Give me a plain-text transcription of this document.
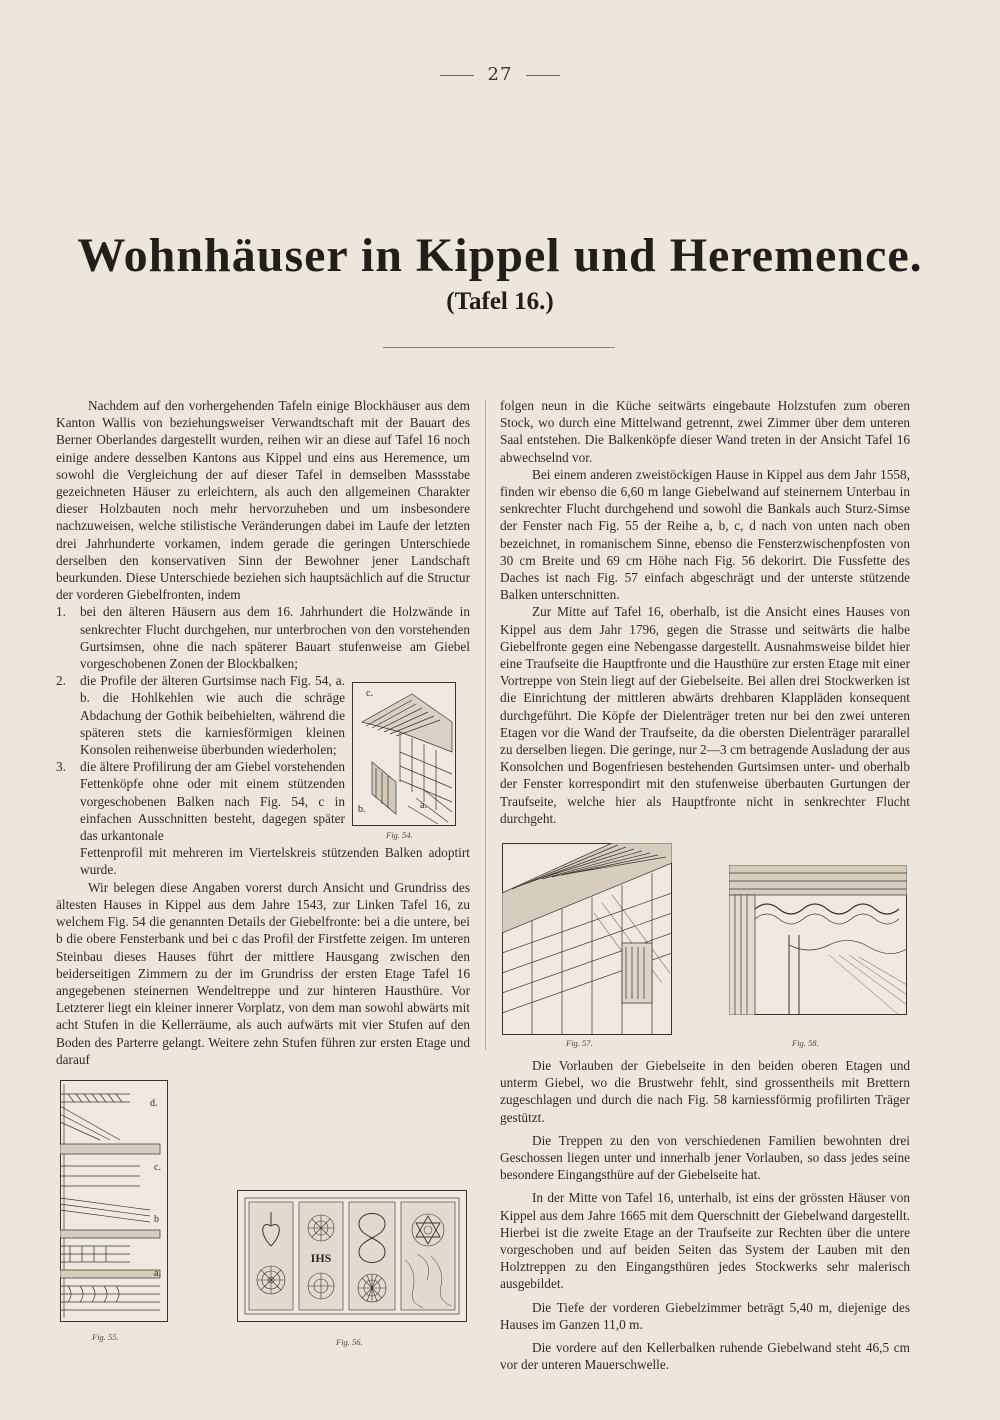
27
Wohnhäuser in Kippel und Heremence.
(Tafel 16.)

Nachdem auf den vorhergehenden Tafeln einige Blockhäuser aus dem Kanton Wallis von beziehungsweiser Verwandtschaft mit der Bauart des Berner Oberlandes dargestellt wurden, reihen wir an diese auf Tafel 16 noch einige andere desselben Kantons aus Kippel und eins aus Heremence, um sowohl die Vergleichung der auf dieser Tafel in demselben Massstabe gezeichneten Häuser zu erleichtern, als auch den allgemeinen Charakter dieser Holzbauten noch mehr hervorzuheben und um insbesondere nachzuweisen, welche stilistische Veränderungen dabei im Laufe der letzten drei Jahrhunderte vorkamen, indem gerade die geringen Unterschiede derselben den konservativen Sinn der Bewohner jener Landschaft beurkunden. Diese Unterschiede beziehen sich hauptsächlich auf die Structur der vorderen Giebelfronten, indem

1. bei den älteren Häusern aus dem 16. Jahrhundert die Holzwände in senkrechter Flucht durchgehen, nur unterbrochen von den vorstehenden Gurtsimsen, ohne die nach späterer Bauart stufenweise am Giebel vorgeschobenen Zonen der Blockbalken;
2. die Profile der älteren Gurtsimse nach Fig. 54, a. b. die Hohlkehlen wie auch die schräge Abdachung der Gothik beibehielten, während die späteren stets die karniesförmigen kleinen Konsolen reihenweise überbunden wiederholen;
3. die ältere Profilirung der am Giebel vorstehenden Fettenköpfe ohne oder mit einem stützenden vorgeschobenen Balken nach Fig. 54, c in einfachen Ausschnitten besteht, dagegen später das urkantonale
Fettenprofil mit mehreren im Viertelskreis stützenden Balken adoptirt wurde.

Wir belegen diese Angaben vorerst durch Ansicht und Grundriss des ältesten Hauses in Kippel aus dem Jahre 1543, zur Linken Tafel 16, zu welchem Fig. 54 die genannten Details der Giebelfronte: bei a die untere, bei b die obere Fensterbank und bei c das Profil der Firstfette zeigen. Im unteren Steinbau dieses Hauses führt der mittlere Hausgang zwischen den beiderseitigen Zimmern zu der im Grundriss der ersten Etage Tafel 16 angegebenen steinernen Wendeltreppe und zur hinteren Hausthüre. Vor Letzterer liegt ein kleiner innerer Vorplatz, von dem man sowohl abwärts mit acht Stufen in die Kellerräume, als auch aufwärts mit vier Stufen auf den Boden des Parterre gelangt. Weitere zehn Stufen führen zur ersten Etage und darauf

c.
b.	a.
Fig. 54.

folgen neun in die Küche seitwärts eingebaute Holzstufen zum oberen Stock, wo durch eine Mittelwand getrennt, zwei Zimmer über dem unteren Saal entstehen. Die Balkenköpfe dieser Wand treten in der Ansicht Tafel 16 abwechselnd vor.

Bei einem anderen zweistöckigen Hause in Kippel aus dem Jahr 1558, finden wir ebenso die 6,60 m lange Giebelwand auf steinernem Unterbau in senkrechter Flucht durchgehend und sowohl die Bankals auch Sturz-Simse der Fenster nach Fig. 55 der Reihe a, b, c, d nach von unten nach oben bezeichnet, in romanischem Sinne, ebenso die Fensterzwischenpfosten von 30 cm Breite und 69 cm Höhe nach Fig. 56 dekorirt. Die Fussfette des Daches ist nach Fig. 57 einfach abgeschrägt und der unterste stützende Balken unterschnitten.

Zur Mitte auf Tafel 16, oberhalb, ist die Ansicht eines Hauses von Kippel aus dem Jahr 1796, gegen die Strasse und seitwärts die halbe Giebelfronte gegen eine Nebengasse dargestellt. Ausnahmsweise bildet hier eine Traufseite die Hauptfronte und die Hausthüre zur ersten Etage mit einer Vortreppe von Stein liegt auf der Giebelseite. Bei allen drei Stockwerken ist die Einrichtung der mittleren abwärts drehbaren Klappläden konsequent durchgeführt. Die Köpfe der Dielenträger treten nur bei den zwei unteren Etagen vor die Wand der Traufseite, da die obersten Dielenträger pararallel zu derselben liegen. Die geringe, nur 2—3 cm betragende Ausladung der aus Konsolchen und Bogenfriesen bestehenden Gurtsimsen unter- und oberhalb der Fenster korrespondirt mit den stufenweise überbauten Gurtungen der Traufseite, welche hier als Hauptfronte nicht in senkrechter Flucht durchgeht.

Fig. 57.	Fig. 58.

Die Vorlauben der Giebelseite in den beiden oberen Etagen und unterm Giebel, wo die Brustwehr fehlt, sind grossentheils mit Brettern zugeschlagen und durch die nach Fig. 58 karniessförmig profilirten Träger gestützt.

Die Treppen zu den von verschiedenen Familien bewohnten drei Geschossen liegen unter und innerhalb jener Vorlauben, so dass jedes seine besondere Eingangsthüre auf der Giebelseite hat.

In der Mitte von Tafel 16, unterhalb, ist eins der grössten Häuser von Kippel aus dem Jahre 1665 mit dem Querschnitt der Giebelwand dargestellt. Hierbei ist die zweite Etage an der Traufseite zur Rechten über die untere vorgeschoben und auf beiden Seiten das System der Lauben mit den Holztreppen zu den Eingangsthüren jedes Stockwerks sehr malerisch ausgebildet.

Die Tiefe der vorderen Giebelzimmer beträgt 5,40 m, diejenige des Hauses im Ganzen 11,0 m.

Die vordere auf den Kellerbalken ruhende Giebelwand steht 46,5 cm vor der unteren Mauerschwelle.

d.
c.
b
a.
Fig. 55.
IHS
Fig. 56.
